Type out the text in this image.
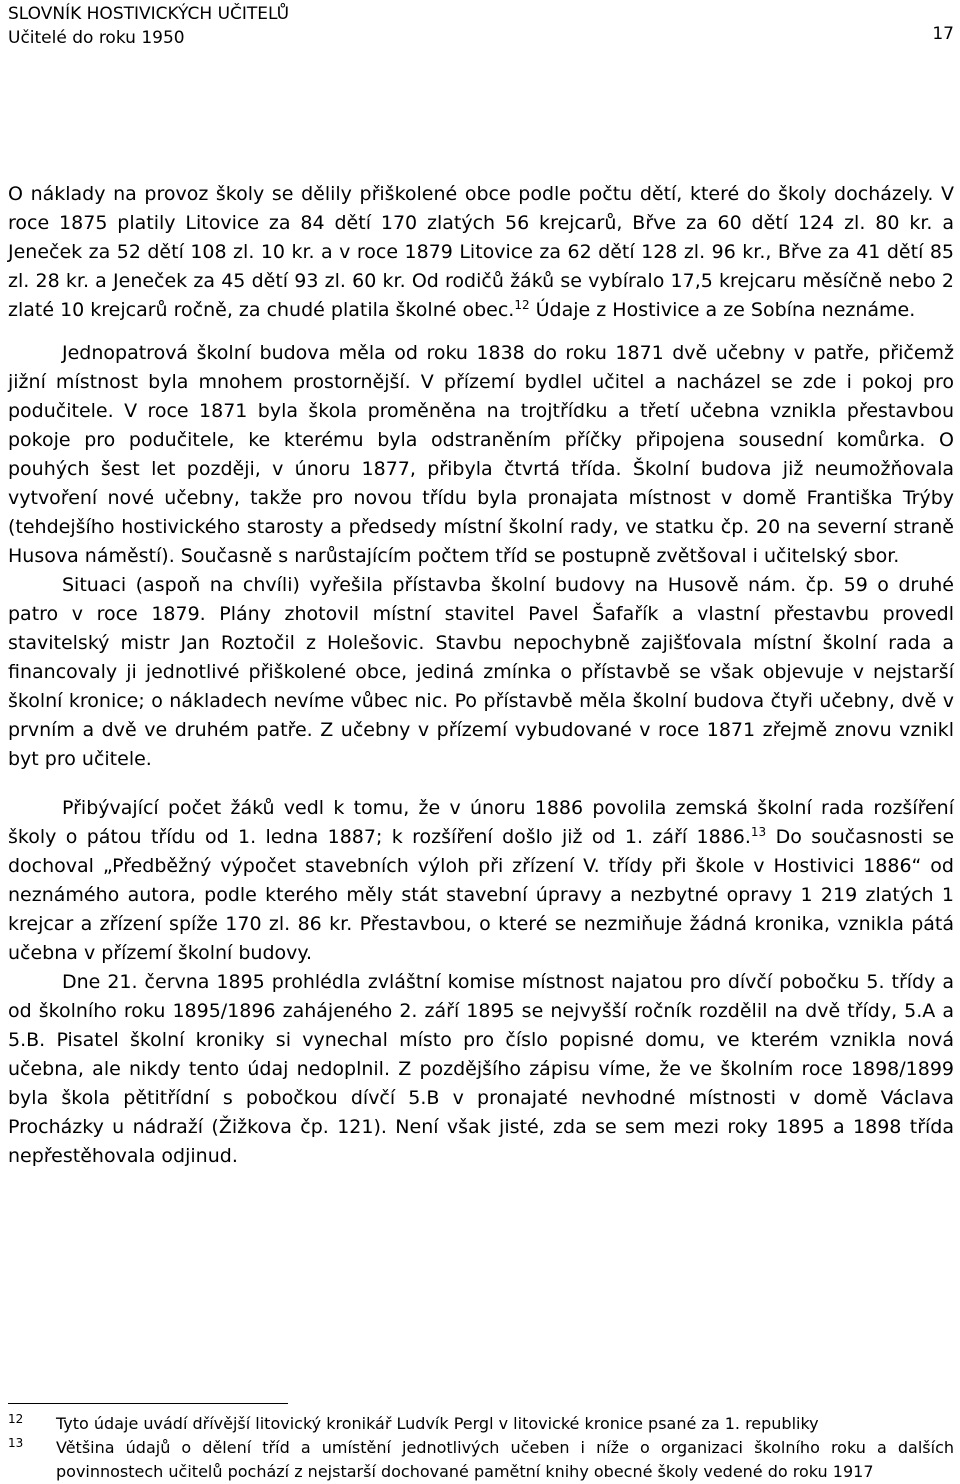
SLOVNÍK HOSTIVICKÝCH UČITELŮ
Učitelé do roku 1950	17

O náklady na provoz školy se dělily přiškolené obce podle počtu dětí, které do školy docházely. V roce 1875 platily Litovice za 84 dětí 170 zlatých 56 krejcarů, Břve za 60 dětí 124 zl. 80 kr. a Jeneček za 52 dětí 108 zl. 10 kr. a v roce 1879 Litovice za 62 dětí 128 zl. 96 kr., Břve za 41 dětí 85 zl. 28 kr. a Jeneček za 45 dětí 93 zl. 60 kr. Od rodičů žáků se vybíralo 17,5 krejcaru měsíčně nebo 2 zlaté 10 krejcarů ročně, za chudé platila školné obec.$^{12}$ Údaje z Hostivice a ze Sobína neznáme.

Jednopatrová školní budova měla od roku 1838 do roku 1871 dvě učebny v patře, přičemž jižní místnost byla mnohem prostornější. V přízemí bydlel učitel a nacházel se zde i pokoj pro podučitele. V roce 1871 byla škola proměněna na trojtřídku a třetí učebna vznikla přestavbou pokoje pro podučitele, ke kterému byla odstraněním příčky připojena sousední komůrka. O pouhých šest let později, v únoru 1877, přibyla čtvrtá třída. Školní budova již neumožňovala vytvoření nové učebny, takže pro novou třídu byla pronajata místnost v domě Františka Trýby (tehdejšího hostivického starosty a předsedy místní školní rady, ve statku čp. 20 na severní straně Husova náměstí). Současně s narůstajícím počtem tříd se postupně zvětšoval i učitelský sbor.

Situaci (aspoň na chvíli) vyřešila přístavba školní budovy na Husově nám. čp. 59 o druhé patro v roce 1879. Plány zhotovil místní stavitel Pavel Šafařík a vlastní přestavbu provedl stavitelský mistr Jan Roztočil z Holešovic. Stavbu nepochybně zajišťovala místní školní rada a financovaly ji jednotlivé přiškolené obce, jediná zmínka o přístavbě se však objevuje v nejstarší školní kronice; o nákladech nevíme vůbec nic. Po přístavbě měla školní budova čtyři učebny, dvě v prvním a dvě ve druhém patře. Z učebny v přízemí vybudované v roce 1871 zřejmě znovu vznikl byt pro učitele.

Přibývající počet žáků vedl k tomu, že v únoru 1886 povolila zemská školní rada rozšíření školy o pátou třídu od 1. ledna 1887; k rozšíření došlo již od 1. září 1886.13 Do současnosti se dochoval „Předběžný výpočet stavebních výloh při zřízení V. třídy při škole v Hostivici 1886“ od neznámého autora, podle kterého měly stát stavební úpravy a nezbytné opravy 1 219 zlatých 1 krejcar a zřízení spíže 170 zl. 86 kr. Přestavbou, o které se nezmiňuje žádná kronika, vznikla pátá učebna v přízemí školní budovy.

Dne 21. června 1895 prohlédla zvláštní komise místnost najatou pro dívčí pobočku 5. třídy a od školního roku 1895/1896 zahájeného 2. září 1895 se nejvyšší ročník rozdělil na dvě třídy, 5.A a 5.B. Pisatel školní kroniky si vynechal místo pro číslo popisné domu, ve kterém vznikla nová učebna, ale nikdy tento údaj nedoplnil. Z pozdějšího zápisu víme, že ve školním roce 1898/1899 byla škola pětitřídní s pobočkou dívčí 5.B v pronajaté nevhodné místnosti v domě Václava Procházky u nádraží (Žižkova čp. 121). Není však jisté, zda se sem mezi roky 1895 a 1898 třída nepřestěhovala odjinud.

12 Tyto údaje uvádí dřívější litovický kronikář Ludvík Pergl v litovické kronice psané za 1. republiky
13 Většina údajů o dělení tříd a umístění jednotlivých učeben i níže o organizaci školního roku a dalších povinnostech učitelů pochází z nejstarší dochované pamětní knihy obecné školy vedené do roku 1917
